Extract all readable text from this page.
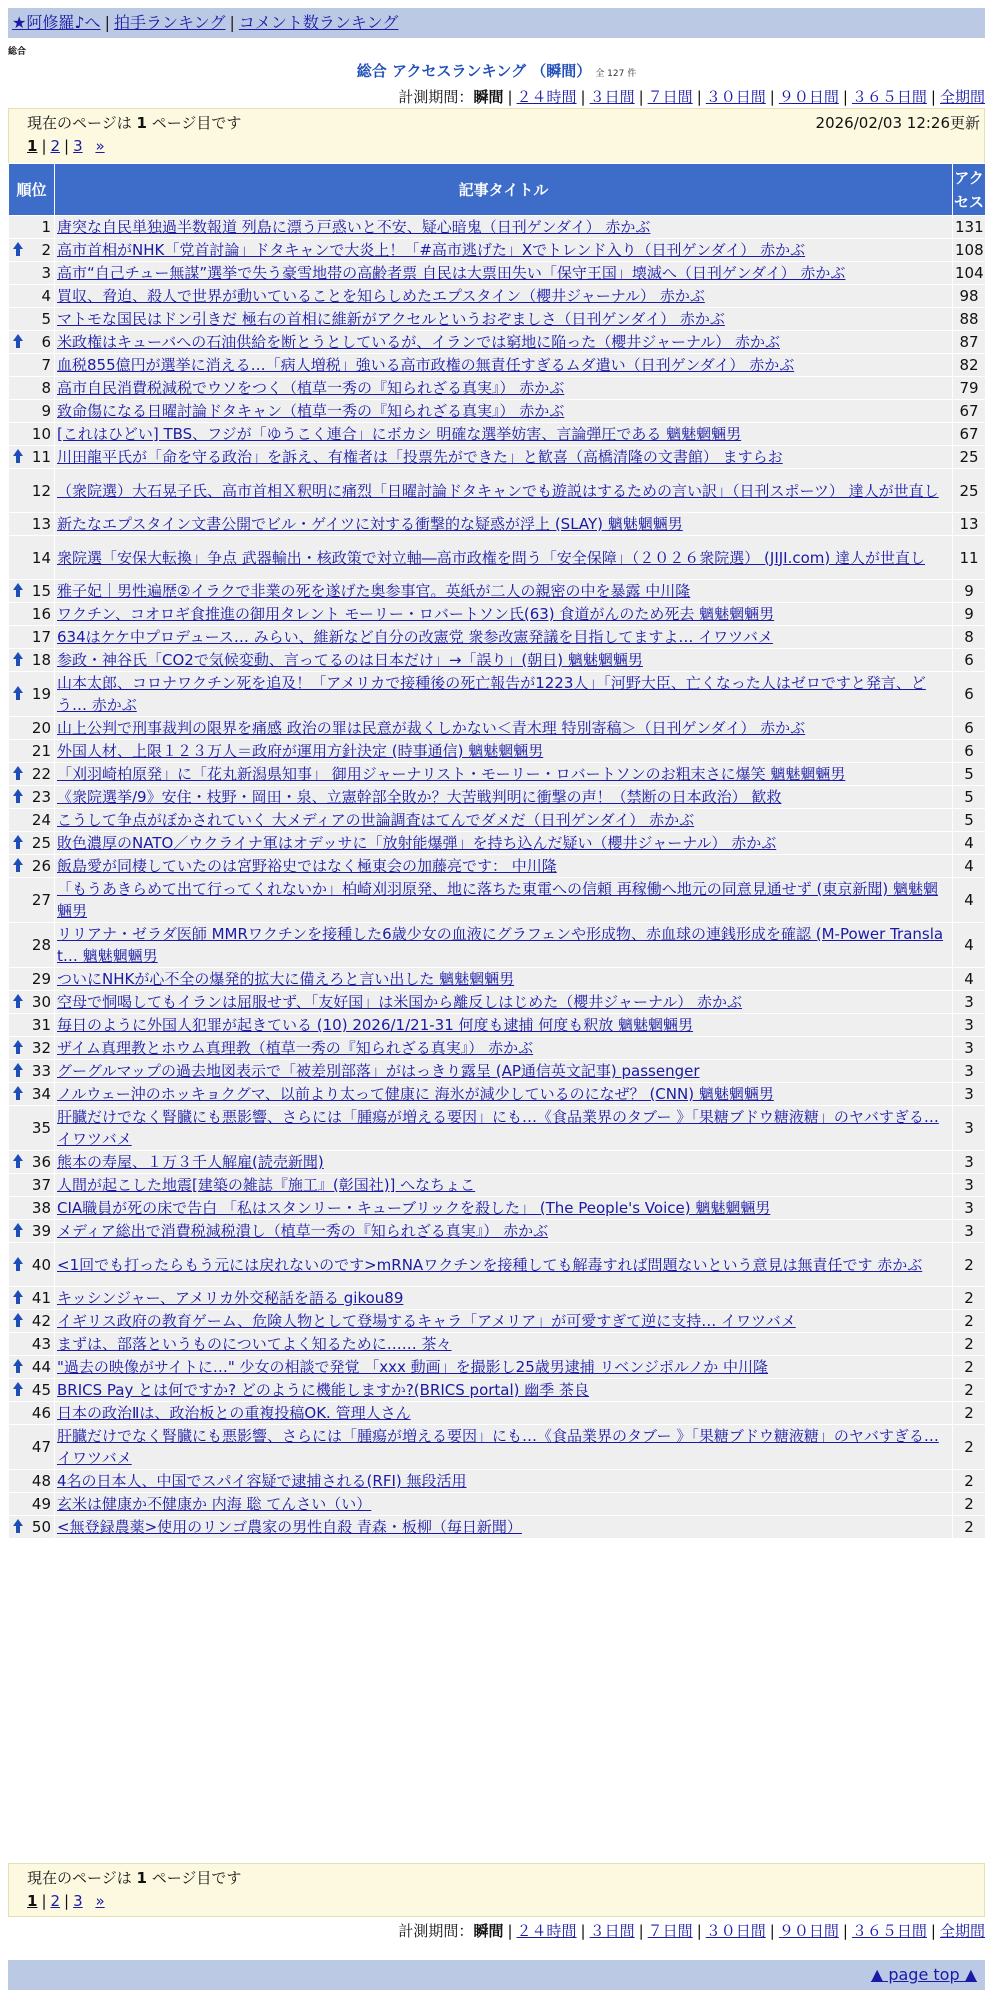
★阿修羅♪へ | 拍手ランキング | コメント数ランキング
総合
総合 アクセスランキング （瞬間） 全 127 件
計測期間：瞬間 | ２４時間 | ３日間 | ７日間 | ３０日間 | ９０日間 | ３６５日間 | 全期間
現在のページは 1 ページ目です	2026/02/03 12:26更新
1 | 2 | 3 »
順位	記事タイトル	アクセス
1	唐突な自民単独過半数報道 列島に漂う戸惑いと不安、疑心暗鬼（日刊ゲンダイ） 赤かぶ	131

2	高市首相がNHK「党首討論」ドタキャンで大炎上！「#高市逃げた」Xでトレンド入り（日刊ゲンダイ） 赤かぶ	108
3	高市“自己チュー無謀”選挙で失う豪雪地帯の高齢者票 自民は大票田失い「保守王国」壊滅へ（日刊ゲンダイ） 赤かぶ	104
4	買収、脅迫、殺人で世界が動いていることを知らしめたエプスタイン（櫻井ジャーナル） 赤かぶ	98
5	マトモな国民はドン引きだ 極右の首相に維新がアクセルというおぞましさ（日刊ゲンダイ） 赤かぶ	88

6	米政権はキューバへの石油供給を断とうとしているが、イランでは窮地に陥った（櫻井ジャーナル） 赤かぶ	87
7	血税855億円が選挙に消える…「病人増税」強いる高市政権の無責任すぎるムダ遣い（日刊ゲンダイ） 赤かぶ	82
8	高市自民消費税減税でウソをつく（植草一秀の『知られざる真実』） 赤かぶ	79
9	致命傷になる日曜討論ドタキャン（植草一秀の『知られざる真実』） 赤かぶ	67
10	[これはひどい] TBS、フジが「ゆうこく連合」にボカシ 明確な選挙妨害、言論弾圧である 魑魅魍魎男	67

11	川田龍平氏が「命を守る政治」を訴え、有権者は「投票先ができた」と歓喜（高橋清隆の文書館） ますらお	25
12	（衆院選）大石晃子氏、高市首相Ｘ釈明に痛烈「日曜討論ドタキャンでも遊説はするための言い訳」（日刊スポーツ） 達人が世直し	25
13	新たなエプスタイン文書公開でビル・ゲイツに対する衝撃的な疑惑が浮上 (SLAY) 魑魅魍魎男	13
14	衆院選「安保大転換」争点 武器輸出・核政策で対立軸―高市政権を問う「安全保障」（２０２６衆院選） (JIJI.com) 達人が世直し	11

15	雅子妃｜男性遍歴②イラクで非業の死を遂げた奥参事官。英紙が二人の親密の中を暴露 中川隆	9
16	ワクチン、コオロギ食推進の御用タレント モーリー・ロバートソン氏(63) 食道がんのため死去 魑魅魍魎男	9
17	634はケケ中プロデュース… みらい、維新など自分の改憲党 衆参改憲発議を目指してますよ… イワツバメ	8

18	参政・神谷氏「CO2で気候変動、言ってるのは日本だけ」→「誤り」(朝日) 魑魅魍魎男	6

19	山本太郎、コロナワクチン死を追及！「アメリカで接種後の死亡報告が1223人」「河野大臣、亡くなった人はゼロですと発言、どう… 赤かぶ	6
20	山上公判で刑事裁判の限界を痛感 政治の罪は民意が裁くしかない＜青木理 特別寄稿＞（日刊ゲンダイ） 赤かぶ	6
21	外国人材、上限１２３万人＝政府が運用方針決定 (時事通信) 魑魅魍魎男	6

22	「刈羽崎柏原発」に「花丸新潟県知事」 御用ジャーナリスト・モーリー・ロバートソンのお粗末さに爆笑 魑魅魍魎男	5

23	《衆院選挙/9》安住・枝野・岡田・泉、立憲幹部全敗か？大苦戦判明に衝撃の声！（禁断の日本政治） 歓救	5
24	こうして争点がぼかされていく 大メディアの世論調査はてんでダメだ（日刊ゲンダイ） 赤かぶ	5

25	敗色濃厚のNATO／ウクライナ軍はオデッサに「放射能爆弾」を持ち込んだ疑い（櫻井ジャーナル） 赤かぶ	4

26	飯島愛が同棲していたのは宮野裕史ではなく極東会の加藤亮です： 中川隆	4
27	「もうあきらめて出て行ってくれないか」柏崎刈羽原発、地に落ちた東電への信頼 再稼働へ地元の同意見通せず (東京新聞) 魑魅魍魎男	4
28	リリアナ・ゼラダ医師 MMRワクチンを接種した6歳少女の血液にグラフェンや形成物、赤血球の連銭形成を確認 (M-Power Translat… 魑魅魍魎男	4
29	ついにNHKが心不全の爆発的拡大に備えろと言い出した 魑魅魍魎男	4

30	空母で恫喝してもイランは屈服せず、「友好国」は米国から離反しはじめた（櫻井ジャーナル） 赤かぶ	3
31	毎日のように外国人犯罪が起きている (10) 2026/1/21-31 何度も逮捕 何度も釈放 魑魅魍魎男	3

32	ザイム真理教とホウム真理教（植草一秀の『知られざる真実』） 赤かぶ	3

33	グーグルマップの過去地図表示で「被差別部落」がはっきり露呈 (AP通信英文記事) passenger	3

34	ノルウェー沖のホッキョクグマ、以前より太って健康に 海氷が減少しているのになぜ？ (CNN) 魑魅魍魎男	3
35	肝臓だけでなく腎臓にも悪影響、さらには「腫瘍が増える要因」にも…《食品業界のタブー 》「果糖ブドウ糖液糖」のヤバすぎる… イワツバメ	3

36	熊本の寿屋、１万３千人解雇(読売新聞)	3
37	人間が起こした地震[建築の雑誌『施工』(彰国社)] へなちょこ	3
38	CIA職員が死の床で告白 「私はスタンリー・キューブリックを殺した」 (The People's Voice) 魑魅魍魎男	3

39	メディア総出で消費税減税潰し（植草一秀の『知られざる真実』） 赤かぶ	3

40	<1回でも打ったらもう元には戻れないのです>mRNAワクチンを接種しても解毒すれば問題ないという意見は無責任です 赤かぶ	2

41	キッシンジャー、アメリカ外交秘話を語る gikou89	2

42	イギリス政府の教育ゲーム、危険人物として登場するキャラ「アメリア」が可愛すぎて逆に支持… イワツバメ	2
43	まずは、部落というものについてよく知るために…… 茶々	2

44	"過去の映像がサイトに…" 少女の相談で発覚 「xxx 動画」を撮影し25歳男逮捕 リベンジポルノか 中川隆	2

45	BRICS Pay とは何ですか? どのように機能しますか?(BRICS portal) 幽季 茶良	2
46	日本の政治Ⅱは、政治板との重複投稿OK. 管理人さん	2
47	肝臓だけでなく腎臓にも悪影響、さらには「腫瘍が増える要因」にも…《食品業界のタブー 》「果糖ブドウ糖液糖」のヤバすぎる… イワツバメ	2
48	4名の日本人、中国でスパイ容疑で逮捕される(RFI) 無段活用	2
49	玄米は健康か不健康か 内海 聡 てんさい（い）	2

50	<無登録農薬>使用のリンゴ農家の男性自殺 青森・板柳（毎日新聞）	2
現在のページは 1 ページ目です
1 | 2 | 3 »
計測期間：瞬間 | ２４時間 | ３日間 | ７日間 | ３０日間 | ９０日間 | ３６５日間 | 全期間
▲ page top ▲
